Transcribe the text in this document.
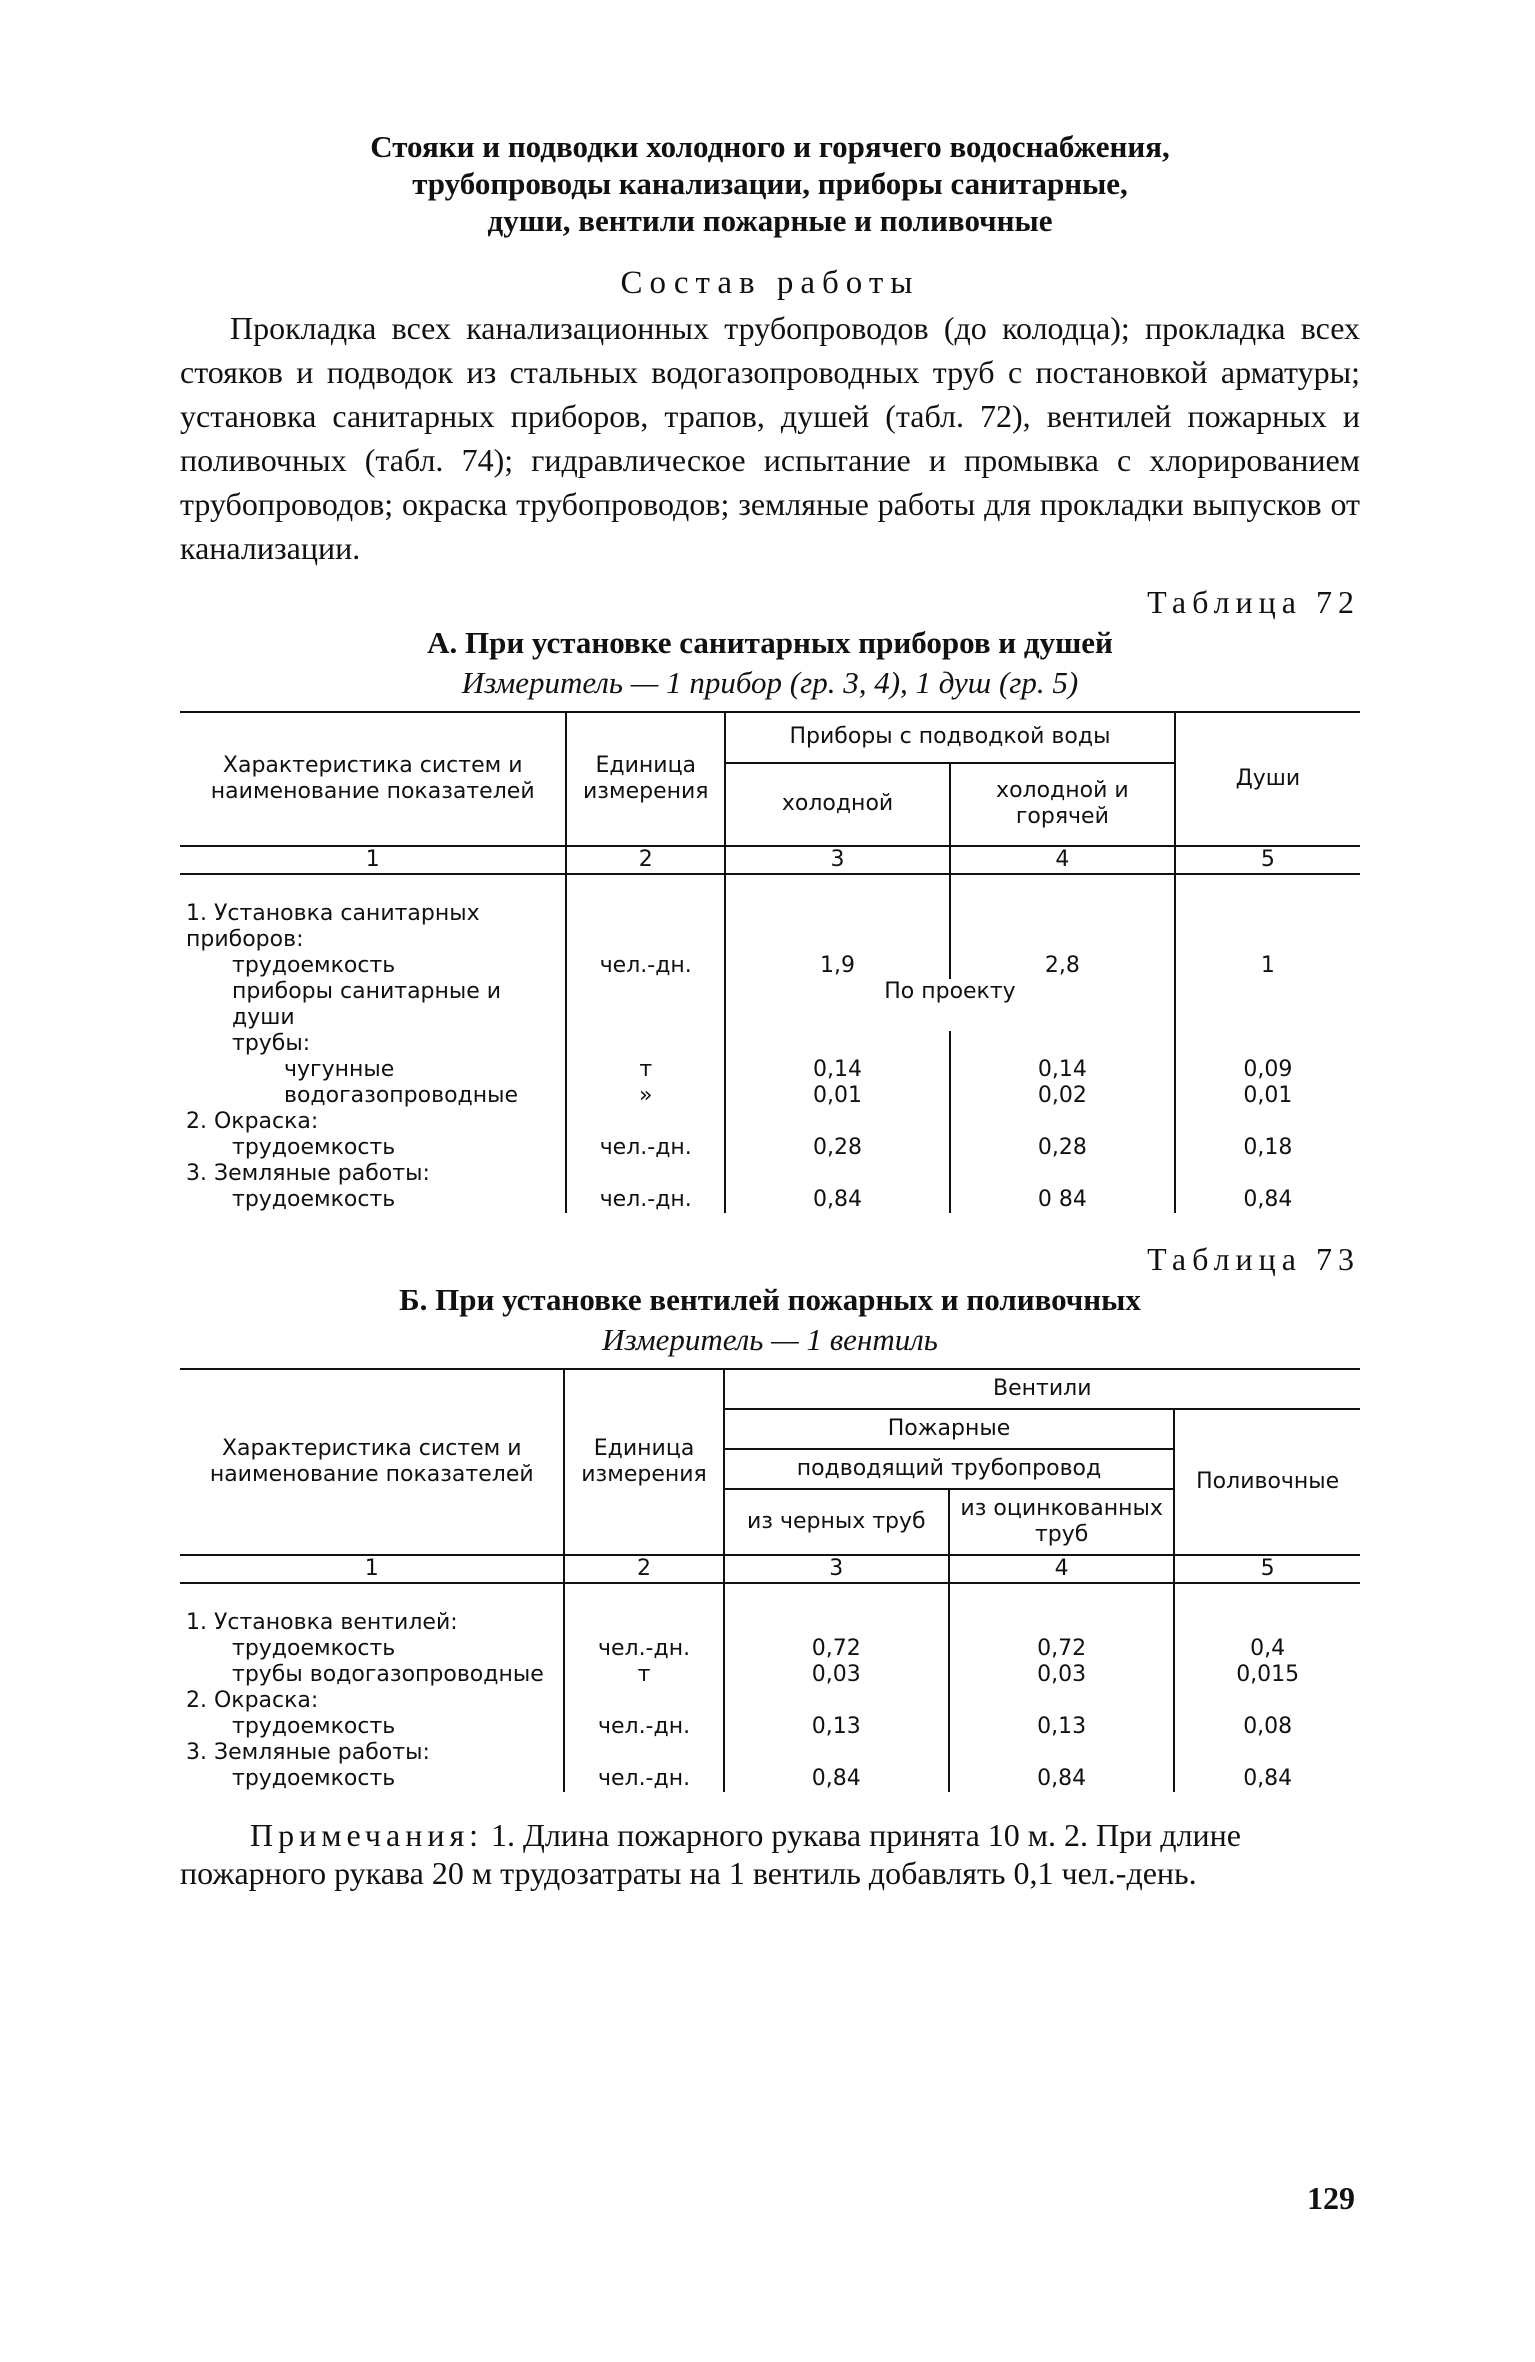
Стояки и подводки холодного и горячего водоснабжения,
трубопроводы канализации, приборы санитарные,
души, вентили пожарные и поливочные
Состав работы

Прокладка всех канализационных трубопроводов (до колодца); прокладка всех стояков и подводок из стальных водогазопроводных труб с постановкой арматуры; установка санитарных приборов, трапов, душей (табл. 72), вентилей пожарных и поливочных (табл. 74); гидравлическое испытание и промывка с хлорированием трубопроводов; окраска трубопроводов; земляные работы для прокладки выпусков от канализации.

Таблица 72
А. При установке санитарных приборов и душей
Измеритель — 1 прибор (гр. 3, 4), 1 душ (гр. 5)
Характеристика систем и наименование показателей	Единица измерения	Приборы с подводкой воды		Души
		холодной	холодной и горячей	
1	2	3	4	5

1. Установка санитарных приборов:				
трудоемкость	чел.-дн.	1,9	2,8	1
приборы санитарные и души		По проекту		
трубы:				
чугунные	т	0,14	0,14	0,09
водогазопроводные	»	0,01	0,02	0,01
2. Окраска:				
трудоемкость	чел.-дн.	0,28	0,28	0,18
3. Земляные работы:				
трудоемкость	чел.-дн.	0,84	0 84	0,84
Таблица 73
Б. При установке вентилей пожарных и поливочных
Измеритель — 1 вентиль
Характеристика систем и наименование показателей	Единица измерения	Вентили		
		Пожарные		Поливочные
		подводящий трубопровод		
		из черных труб	из оцинкованных труб	
1	2	3	4	5

1. Установка вентилей:				
трудоемкость	чел.-дн.	0,72	0,72	0,4
трубы водогазопроводные	т	0,03	0,03	0,015
2. Окраска:				
трудоемкость	чел.-дн.	0,13	0,13	0,08
3. Земляные работы:				
трудоемкость	чел.-дн.	0,84	0,84	0,84

Примечания: 1. Длина пожарного рукава принята 10 м. 2. При длине пожарного рукава 20 м трудозатраты на 1 вентиль добавлять 0,1 чел.-день.

129
